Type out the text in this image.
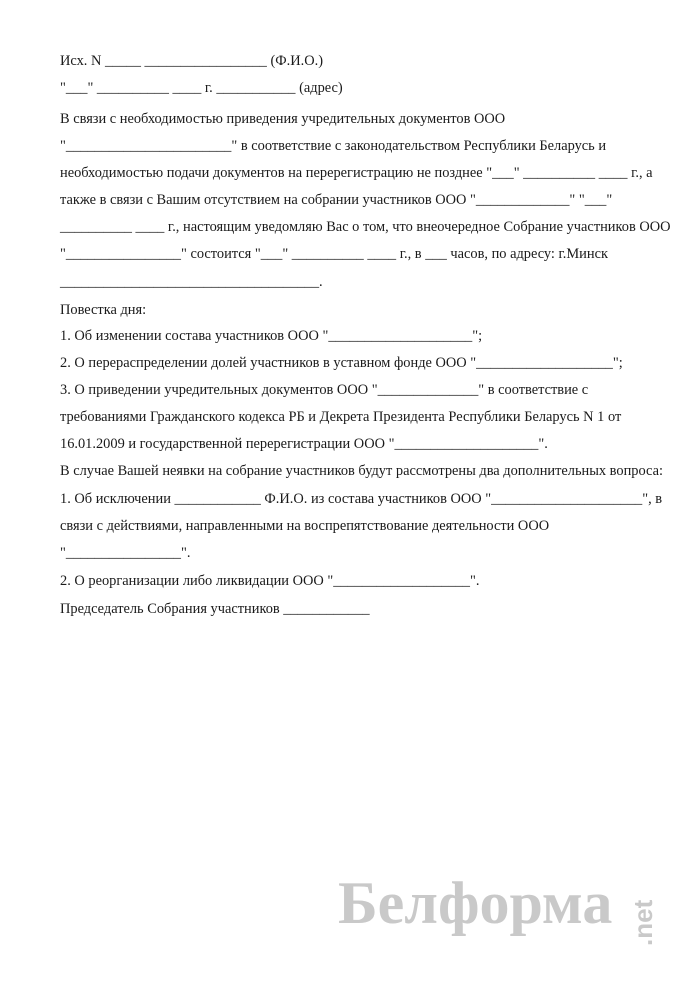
Исх. N _____ _________________ (Ф.И.О.)
"___" __________ ____ г. ___________ (адрес)
В связи с необходимостью приведения учредительных документов ООО
"_______________________" в соответствие с законодательством Республики Беларусь и
необходимостью подачи документов на перерегистрацию не позднее "___" __________ ____ г., а
также в связи с Вашим отсутствием на собрании участников ООО "_____________" "___"
__________ ____ г., настоящим уведомляю Вас о том, что внеочередное Собрание участников ООО
"________________" состоится "___" __________ ____ г., в ___ часов, по адресу: г.Минск
____________________________________.
Повестка дня:
1. Об изменении состава участников ООО "____________________";
2. О перераспределении долей участников в уставном фонде ООО "___________________";
3. О приведении учредительных документов ООО "______________" в соответствие с
требованиями Гражданского кодекса РБ и Декрета Президента Республики Беларусь N 1 от
16.01.2009 и государственной перерегистрации ООО "____________________".
В случае Вашей неявки на собрание участников будут рассмотрены два дополнительных вопроса:
1. Об исключении ____________ Ф.И.О. из состава участников ООО "_____________________", в
связи с действиями, направленными на воспрепятствование деятельности ООО
"________________".
2. О реорганизации либо ликвидации ООО "___________________".
Председатель Собрания участников ____________
Белформа .net
